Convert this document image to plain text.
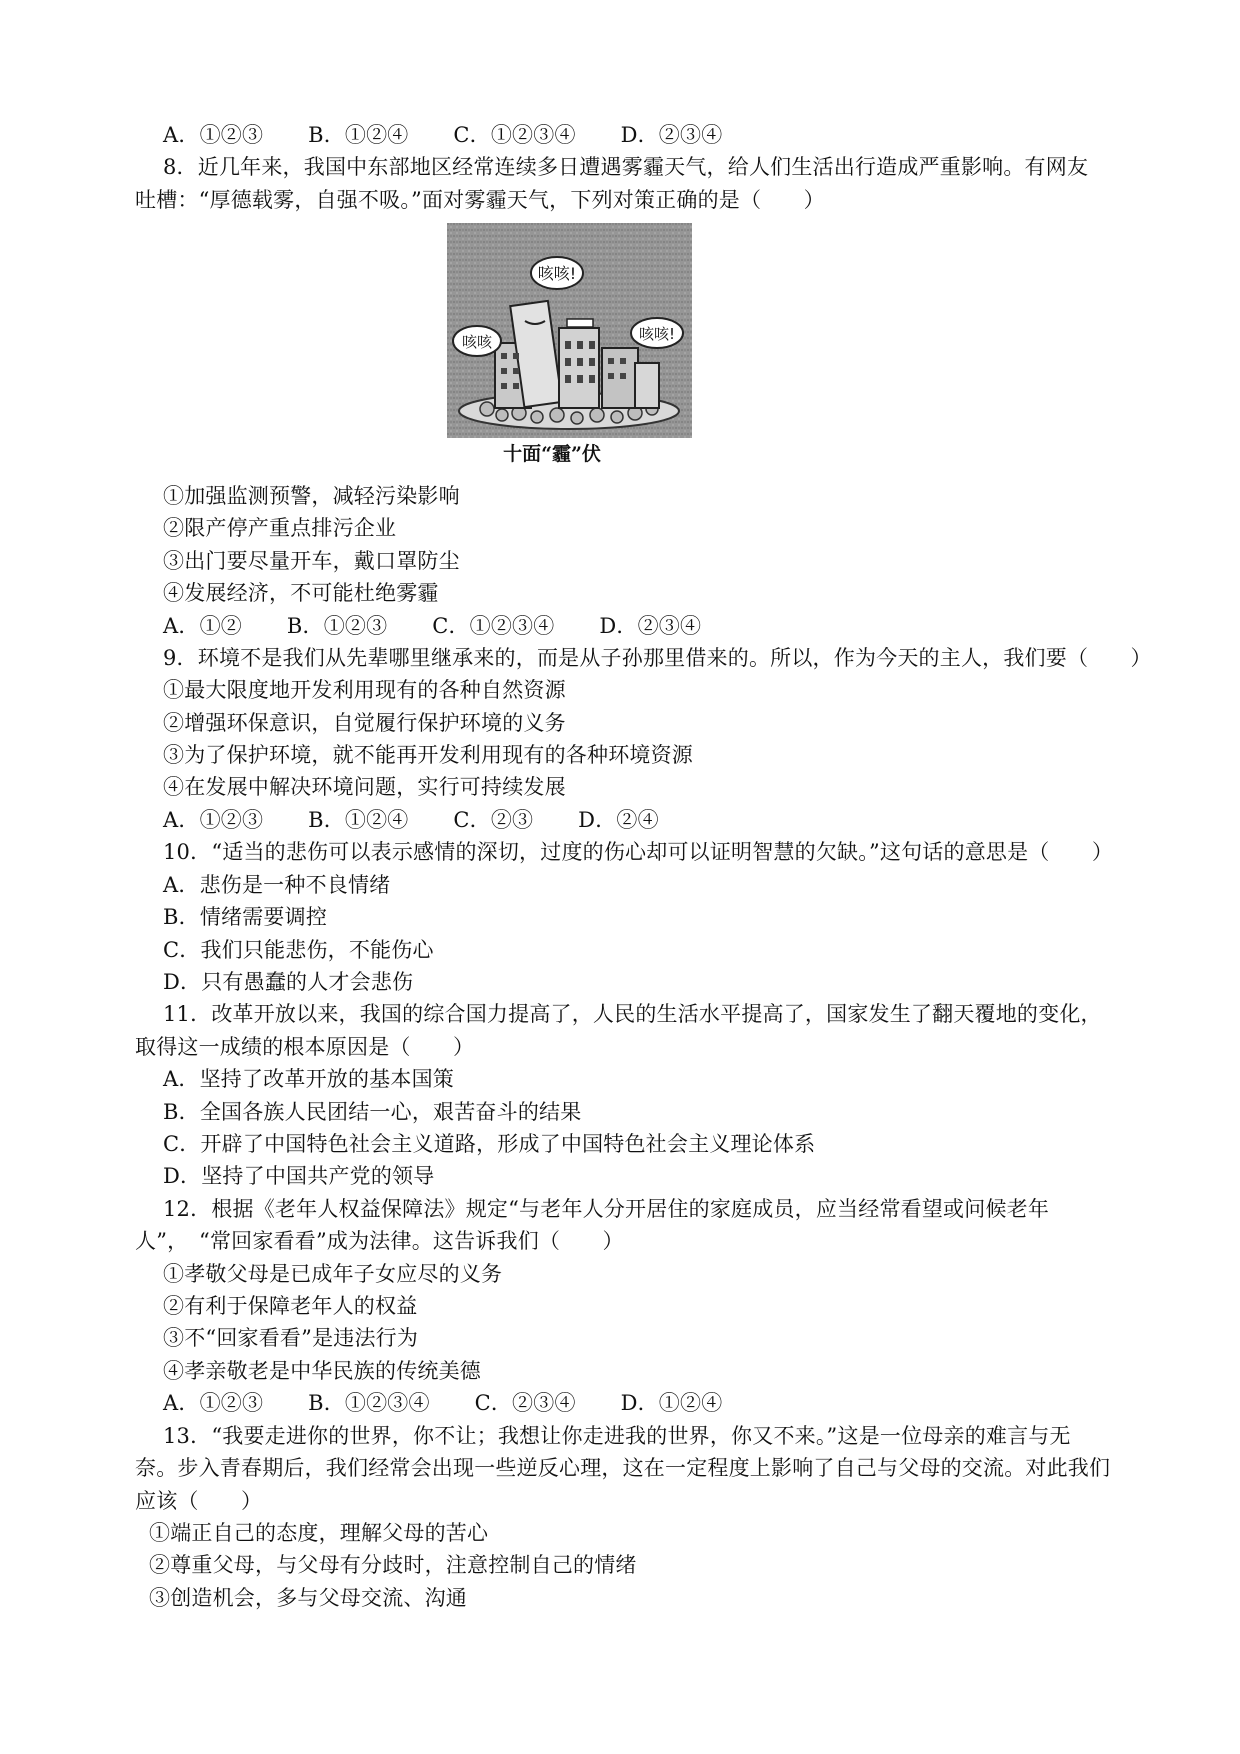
A．①②③ B．①②④ C．①②③④ D．②③④
8．近几年来，我国中东部地区经常连续多日遭遇雾霾天气，给人们生活出行造成严重影响。有网友
吐槽：“厚德载雾，自强不吸。”面对雾霾天气，下列对策正确的是（　　）
咳咳!
咳咳	咳咳!
十面“霾”伏
①加强监测预警，减轻污染影响
②限产停产重点排污企业
③出门要尽量开车，戴口罩防尘
④发展经济，不可能杜绝雾霾
A．①② B．①②③ C．①②③④ D．②③④
9．环境不是我们从先辈哪里继承来的，而是从子孙那里借来的。所以，作为今天的主人，我们要（　　）
①最大限度地开发利用现有的各种自然资源
②增强环保意识，自觉履行保护环境的义务
③为了保护环境，就不能再开发利用现有的各种环境资源
④在发展中解决环境问题，实行可持续发展
A．①②③ B．①②④ C．②③ D．②④
10．“适当的悲伤可以表示感情的深切，过度的伤心却可以证明智慧的欠缺。”这句话的意思是（　　）
A．悲伤是一种不良情绪
B．情绪需要调控
C．我们只能悲伤，不能伤心
D．只有愚蠢的人才会悲伤
11．改革开放以来，我国的综合国力提高了，人民的生活水平提高了，国家发生了翻天覆地的变化，
取得这一成绩的根本原因是（　　）
A．坚持了改革开放的基本国策
B．全国各族人民团结一心，艰苦奋斗的结果
C．开辟了中国特色社会主义道路，形成了中国特色社会主义理论体系
D．坚持了中国共产党的领导
12．根据《老年人权益保障法》规定“与老年人分开居住的家庭成员，应当经常看望或问候老年
人”，　“常回家看看”成为法律。这告诉我们（　　）
①孝敬父母是已成年子女应尽的义务
②有利于保障老年人的权益
③不“回家看看”是违法行为
④孝亲敬老是中华民族的传统美德
A．①②③ B．①②③④ C．②③④ D．①②④
13．“我要走进你的世界，你不让；我想让你走进我的世界，你又不来。”这是一位母亲的难言与无
奈。步入青春期后，我们经常会出现一些逆反心理，这在一定程度上影响了自己与父母的交流。对此我们
应该（　　）
①端正自己的态度，理解父母的苦心
②尊重父母，与父母有分歧时，注意控制自己的情绪
③创造机会，多与父母交流、沟通
